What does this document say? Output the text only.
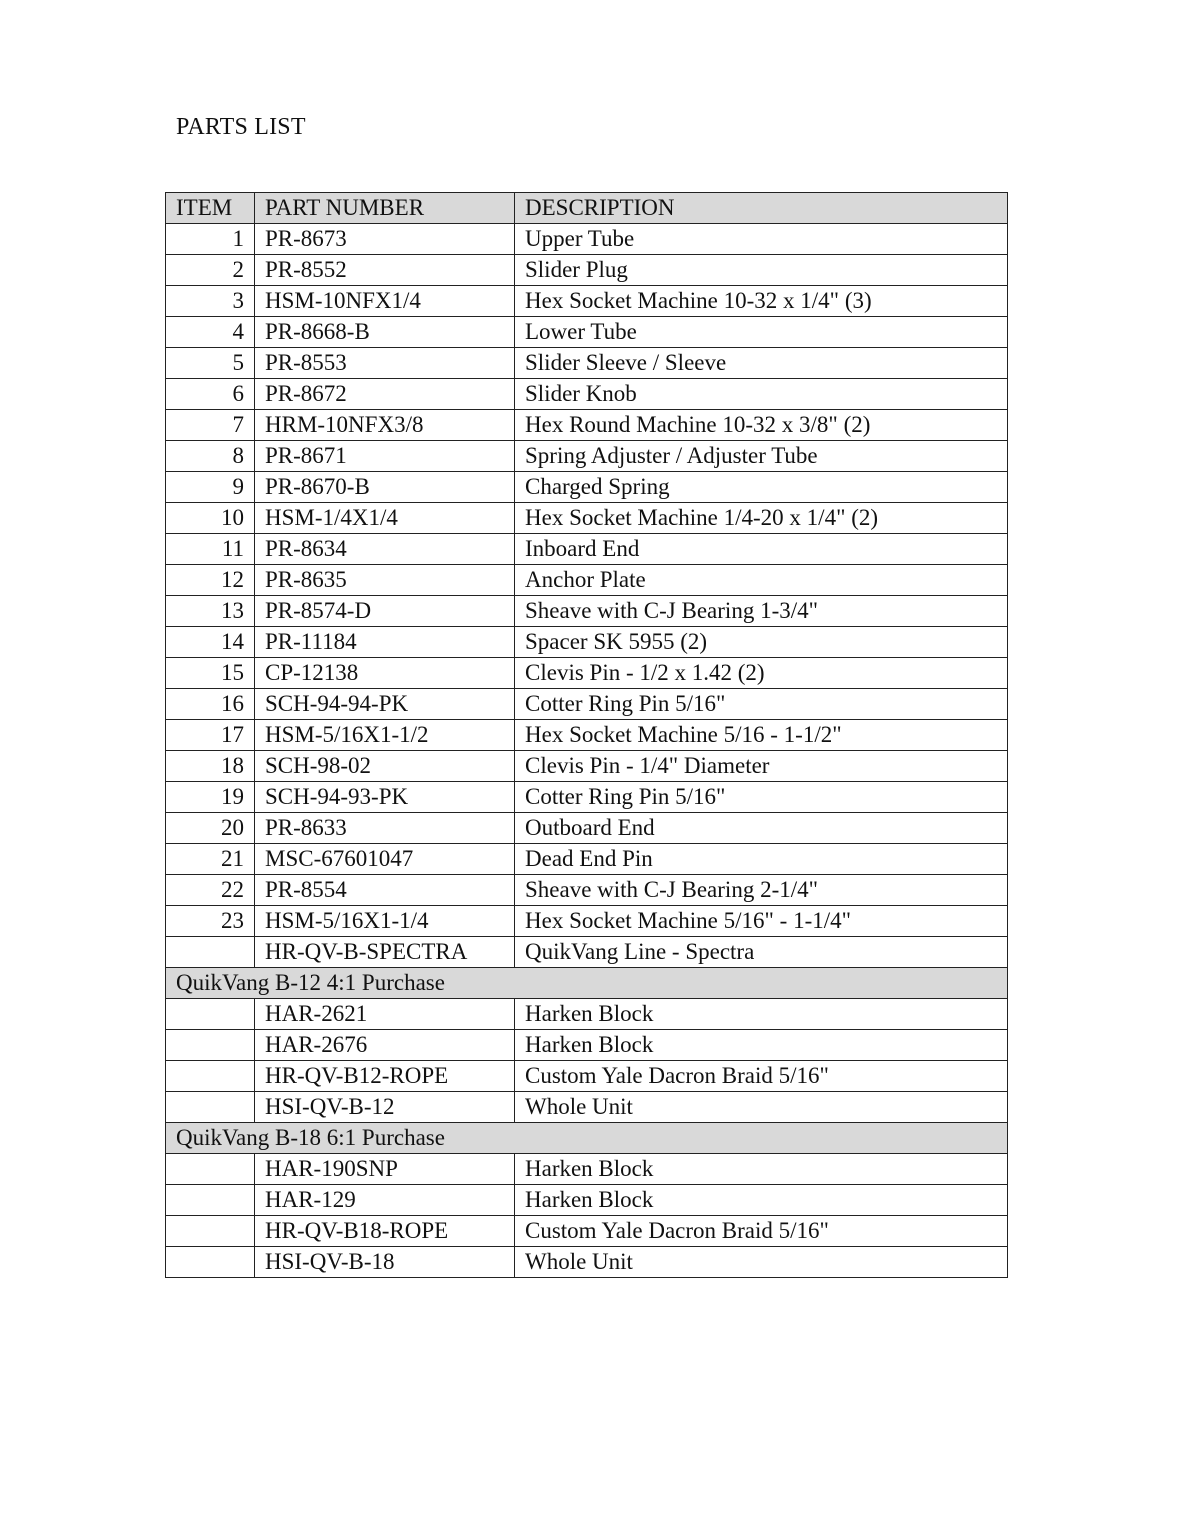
PARTS LIST
ITEM	PART NUMBER	DESCRIPTION
1	PR-8673	Upper Tube
2	PR-8552	Slider Plug
3	HSM-10NFX1/4	Hex Socket Machine 10-32 x 1/4" (3)
4	PR-8668-B	Lower Tube
5	PR-8553	Slider Sleeve / Sleeve
6	PR-8672	Slider Knob
7	HRM-10NFX3/8	Hex Round Machine 10-32 x 3/8" (2)
8	PR-8671	Spring Adjuster / Adjuster Tube
9	PR-8670-B	Charged Spring
10	HSM-1/4X1/4	Hex Socket Machine 1/4-20 x 1/4" (2)
11	PR-8634	Inboard End
12	PR-8635	Anchor Plate
13	PR-8574-D	Sheave with C-J Bearing 1-3/4"
14	PR-11184	Spacer SK 5955 (2)
15	CP-12138	Clevis Pin - 1/2 x 1.42 (2)
16	SCH-94-94-PK	Cotter Ring Pin 5/16"
17	HSM-5/16X1-1/2	Hex Socket Machine 5/16 - 1-1/2"
18	SCH-98-02	Clevis Pin - 1/4" Diameter
19	SCH-94-93-PK	Cotter Ring Pin 5/16"
20	PR-8633	Outboard End
21	MSC-67601047	Dead End Pin
22	PR-8554	Sheave with C-J Bearing 2-1/4"
23	HSM-5/16X1-1/4	Hex Socket Machine 5/16" - 1-1/4"
	HR-QV-B-SPECTRA	QuikVang Line - Spectra
QuikVang B-12 4:1 Purchase		
	HAR-2621	Harken Block
	HAR-2676	Harken Block
	HR-QV-B12-ROPE	Custom Yale Dacron Braid 5/16"
	HSI-QV-B-12	Whole Unit
QuikVang B-18 6:1 Purchase		
	HAR-190SNP	Harken Block
	HAR-129	Harken Block
	HR-QV-B18-ROPE	Custom Yale Dacron Braid 5/16"
	HSI-QV-B-18	Whole Unit
